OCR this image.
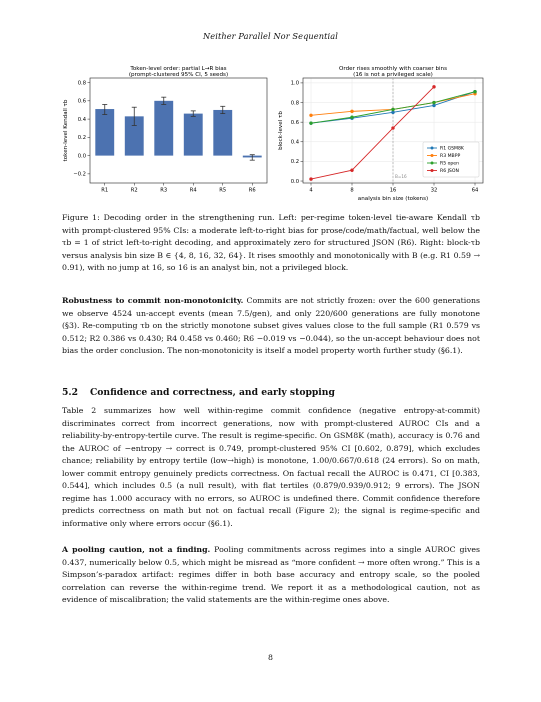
Neither Parallel Nor Sequential
Token-level order: partial L→R bias
(prompt-clustered 95% CI, 5 seeds)
0.8
0.6
0.4
0.2
0.0
−0.2
token-level Kendall τb
R1	R2	R3	R4	R5	R6
Order rises smoothly with coarser bins
(16 is not a privileged scale)
1.0
0.8
0.6
0.4
0.2
0.0
4	8	16	32	64
B=16
R1 GSM8K
R3 MBPP
R5 open
R6 JSON
block-level τb
analysis bin size (tokens)
Figure 1: Decoding order in the strengthening run. Left: per-regime token-level tie-aware Kendall τb with prompt-clustered 95% CIs: a moderate left-to-right bias for prose/code/math/factual, well below the τb = 1 of strict left-to-right decoding, and approximately zero for structured JSON (R6). Right: block-τb versus analysis bin size B ∈ {4, 8, 16, 32, 64}. It rises smoothly and monotonically with B (e.g. R1 0.59 → 0.91), with no jump at 16, so 16 is an analyst bin, not a privileged block.

Robustness to commit non-monotonicity. Commits are not strictly frozen: over the 600 generations we observe 4524 un-accept events (mean 7.5/gen), and only 220/600 generations are fully monotone (§3). Re-computing τb on the strictly monotone subset gives values close to the full sample (R1 0.579 vs 0.512; R2 0.386 vs 0.430; R4 0.458 vs 0.460; R6 −0.019 vs −0.044), so the un-accept behaviour does not bias the order conclusion. The non-monotonicity is itself a model property worth further study (§6.1).

5.2 Confidence and correctness, and early stopping

Table 2 summarizes how well within-regime commit confidence (negative entropy-at-commit) discriminates correct from incorrect generations, now with prompt-clustered AUROC CIs and a reliability-by-entropy-tertile curve. The result is regime-specific. On GSM8K (math), accuracy is 0.76 and the AUROC of −entropy → correct is 0.749, prompt-clustered 95% CI [0.602, 0.879], which excludes chance; reliability by entropy tertile (low→high) is monotone, 1.00/0.667/0.618 (24 errors). So on math, lower commit entropy genuinely predicts correctness. On factual recall the AUROC is 0.471, CI [0.383, 0.544], which includes 0.5 (a null result), with flat tertiles (0.879/0.939/0.912; 9 errors). The JSON regime has 1.000 accuracy with no errors, so AUROC is undefined there. Commit confidence therefore predicts correctness on math but not on factual recall (Figure 2); the signal is regime-specific and informative only where errors occur (§6.1).

A pooling caution, not a finding. Pooling commitments across regimes into a single AUROC gives 0.437, numerically below 0.5, which might be misread as “more confident → more often wrong.” This is a Simpson’s-paradox artifact: regimes differ in both base accuracy and entropy scale, so the pooled correlation can reverse the within-regime trend. We report it as a methodological caution, not as evidence of miscalibration; the valid statements are the within-regime ones above.

8
